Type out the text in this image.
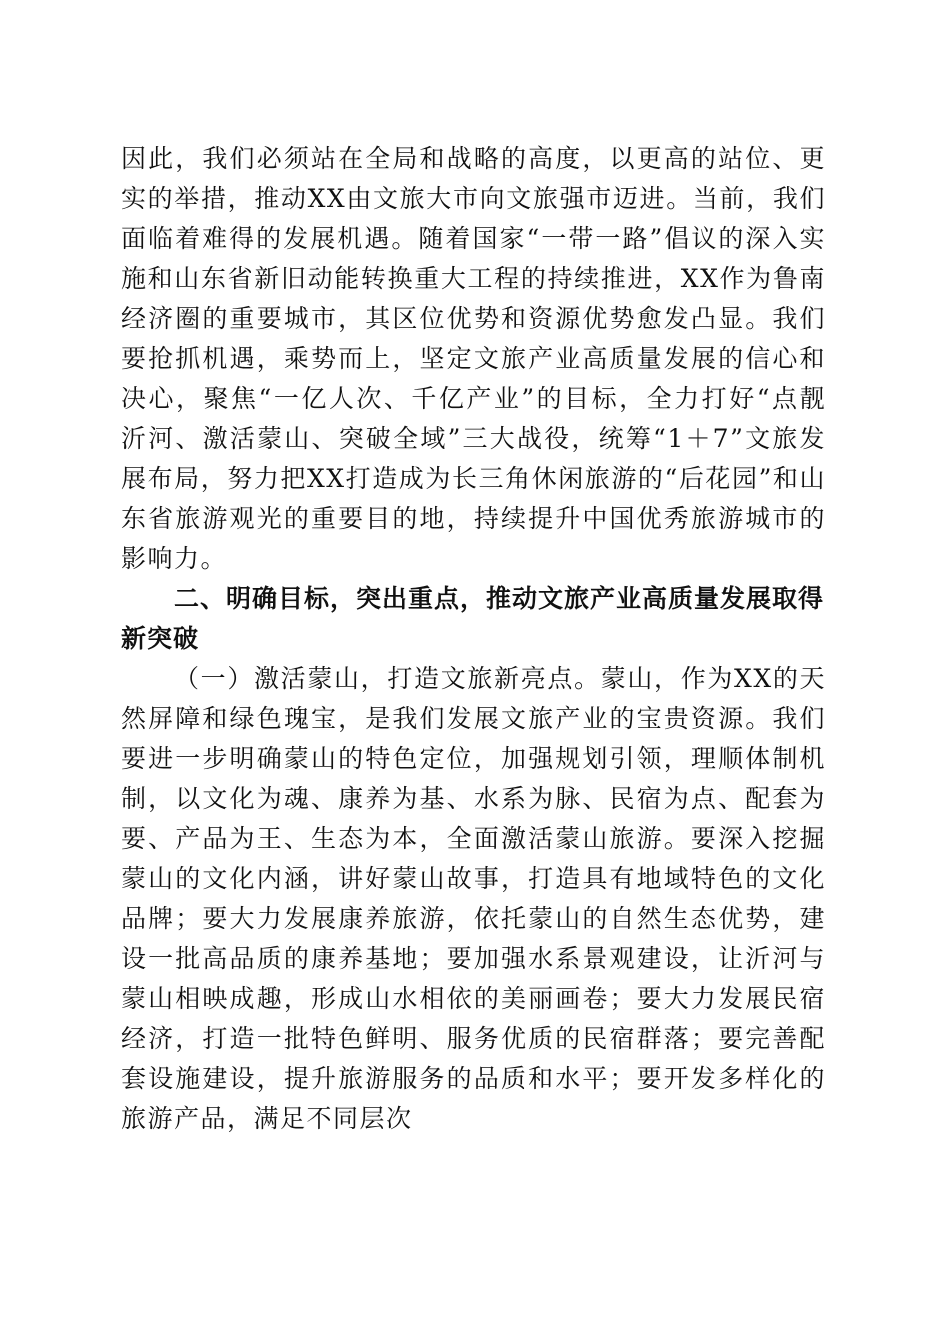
因此，我们必须站在全局和战略的高度，以更高的站位、更实的举措，推动XX由文旅大市向文旅强市迈进。当前，我们面临着难得的发展机遇。随着国家“一带一路”倡议的深入实施和山东省新旧动能转换重大工程的持续推进，XX作为鲁南经济圈的重要城市，其区位优势和资源优势愈发凸显。我们要抢抓机遇，乘势而上，坚定文旅产业高质量发展的信心和决心，聚焦“一亿人次、千亿产业”的目标，全力打好“点靓沂河、激活蒙山、突破全域”三大战役，统筹“1＋7”文旅发展布局，努力把XX打造成为长三角休闲旅游的“后花园”和山东省旅游观光的重要目的地，持续提升中国优秀旅游城市的影响力。

二、明确目标，突出重点，推动文旅产业高质量发展取得新突破

（一）激活蒙山，打造文旅新亮点。蒙山，作为XX的天然屏障和绿色瑰宝，是我们发展文旅产业的宝贵资源。我们要进一步明确蒙山的特色定位，加强规划引领，理顺体制机制，以文化为魂、康养为基、水系为脉、民宿为点、配套为要、产品为王、生态为本，全面激活蒙山旅游。要深入挖掘蒙山的文化内涵，讲好蒙山故事，打造具有地域特色的文化品牌；要大力发展康养旅游，依托蒙山的自然生态优势，建设一批高品质的康养基地；要加强水系景观建设，让沂河与蒙山相映成趣，形成山水相依的美丽画卷；要大力发展民宿经济，打造一批特色鲜明、服务优质的民宿群落；要完善配套设施建设，提升旅游服务的品质和水平；要开发多样化的旅游产品，满足不同层次
